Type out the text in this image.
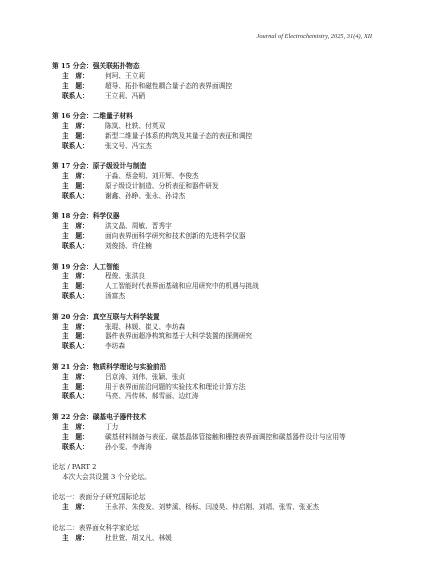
Journal of Electrochemistry, 2025, 31(4), XII
第 15 分会：强关联拓扑物态
主　席：	何珂、王立莉
主　题：	超导、拓扑和磁性耦合量子态的表界面调控
联系人：	王立莉、冯硝
第 16 分会：二维量子材料
主　席：	陈岚、杜轶、付英双
主　题：	新型二维量子体系的构筑及其量子态的表征和调控
联系人：	张文号、冯宝杰
第 17 分会：原子级设计与制造
主　席：	于淼、蔡金明、刘开辉、李俊杰
主　题：	原子级设计制造、分析表征和器件研发
联系人：	谢鑫、孙睁、张永、孙诗杰
第 18 分会：科学仪器
主　席：	洪文晶、周敏、晋秀宇
主　题：	面向表界面科学研究和技术创新的先进科学仪器
联系人：	刘俊扬、许佳楠
第 19 分会：人工智能
主　席：	程俊、张洪良
主　题：	人工智能时代表界面基础和应用研究中的机遇与挑战
联系人：	汤富杰
第 20 分会：真空互联与大科学装置
主　席：	张琨、林媛、崔义、李坊森
主　题：	器件表界面超净构筑和基于大科学装置的探测研究
联系人：	李坊森
第 21 分会：物质科学理论与实验前沿
主　席：	吕京涛、刘伟、张颖、张贞
主　题：	用于表界面前沿问题的实验技术和理论计算方法
联系人：	马亮、冯传林、郝雪丽、边红涛
第 22 分会：碳基电子器件技术
主　席：	丁力
主　题：	碳基材料制备与表征、碳基晶体管接触和栅控表界面调控和碳基器件设计与应用等
联系人：	孙小雯、李海涛
论坛 / PART 2
本次大会共设置 3 个分论坛。
论坛一：表面分子研究国际论坛
主　席：	王永祥、朱俊发、刘梦溪、杨标、闫凌昊、仲启刚、刘靖、张雪、张亚杰
论坛二：表界面女科学家论坛
主　席：	杜世萱、胡又凡、林媛
